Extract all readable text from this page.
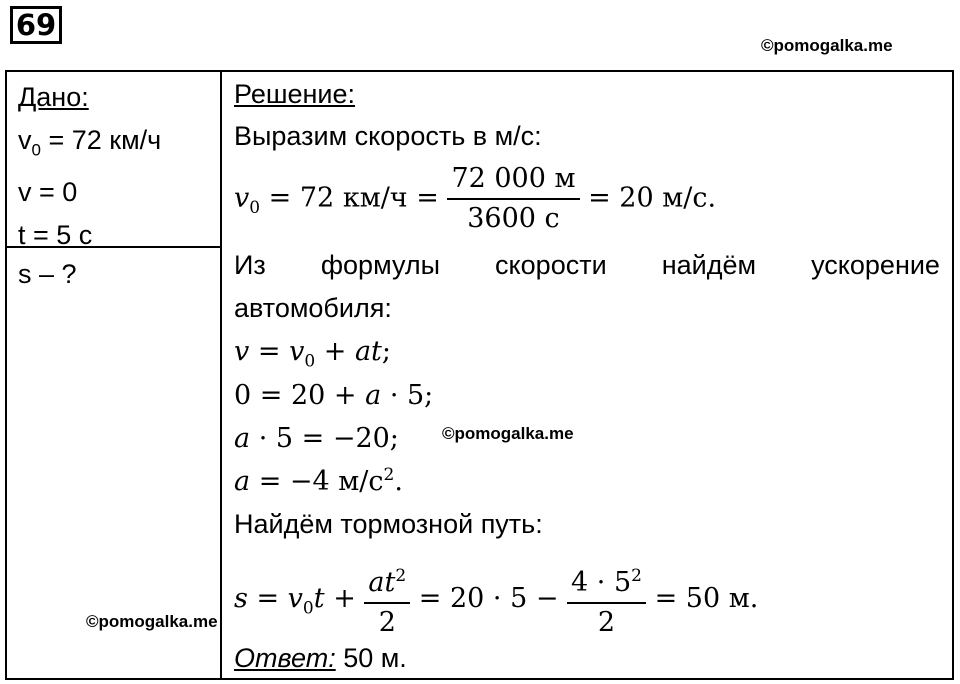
69
©pomogalka.me
Дано:
$v_0 = 72$ км/ч
v = 0
t = 5 с
s – ?
Решение:
Выразим скорость в м/с:
$v_0 = 72$ $км/ч = \frac{72 000 м}{3600 с} = 20$ м/с.
Из формулы скорости найдём ускорение
автомобиля:
$v = v_0$ + at;
0 = 20 + a · 5;
a · 5 = −20;	©pomogalka.me
a = −4 $м/с^2$.
Найдём тормозной путь:
$s = v_0t + \frac{at^2}{2} = 20 \cdot 5 - \frac{4 \cdot 5^2}{2} = 50$ м.
©pomogalka.me
Ответ: 50 м.
